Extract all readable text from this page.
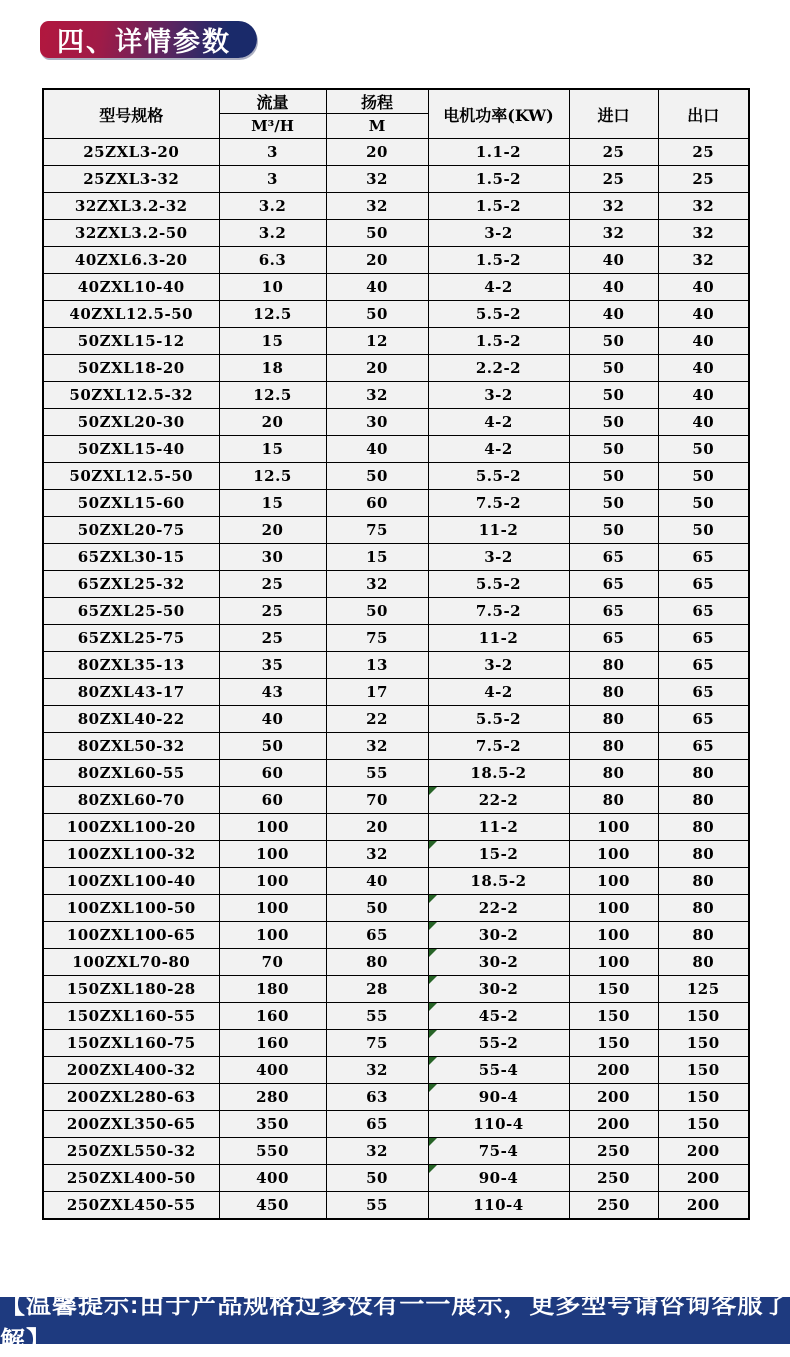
四、详情参数
型号规格	流量	扬程	电机功率(KW)	进口	出口
	M³/H	M			
25ZXL3-20	3	20	1.1-2	25	25
25ZXL3-32	3	32	1.5-2	25	25
32ZXL3.2-32	3.2	32	1.5-2	32	32
32ZXL3.2-50	3.2	50	3-2	32	32
40ZXL6.3-20	6.3	20	1.5-2	40	32
40ZXL10-40	10	40	4-2	40	40
40ZXL12.5-50	12.5	50	5.5-2	40	40
50ZXL15-12	15	12	1.5-2	50	40
50ZXL18-20	18	20	2.2-2	50	40
50ZXL12.5-32	12.5	32	3-2	50	40
50ZXL20-30	20	30	4-2	50	40
50ZXL15-40	15	40	4-2	50	50
50ZXL12.5-50	12.5	50	5.5-2	50	50
50ZXL15-60	15	60	7.5-2	50	50
50ZXL20-75	20	75	11-2	50	50
65ZXL30-15	30	15	3-2	65	65
65ZXL25-32	25	32	5.5-2	65	65
65ZXL25-50	25	50	7.5-2	65	65
65ZXL25-75	25	75	11-2	65	65
80ZXL35-13	35	13	3-2	80	65
80ZXL43-17	43	17	4-2	80	65
80ZXL40-22	40	22	5.5-2	80	65
80ZXL50-32	50	32	7.5-2	80	65
80ZXL60-55	60	55	18.5-2	80	80
80ZXL60-70	60	70	22-2	80	80
100ZXL100-20	100	20	11-2	100	80
100ZXL100-32	100	32	15-2	100	80
100ZXL100-40	100	40	18.5-2	100	80
100ZXL100-50	100	50	22-2	100	80
100ZXL100-65	100	65	30-2	100	80
100ZXL70-80	70	80	30-2	100	80
150ZXL180-28	180	28	30-2	150	125
150ZXL160-55	160	55	45-2	150	150
150ZXL160-75	160	75	55-2	150	150
200ZXL400-32	400	32	55-4	200	150
200ZXL280-63	280	63	90-4	200	150
200ZXL350-65	350	65	110-4	200	150
250ZXL550-32	550	32	75-4	250	200
250ZXL400-50	400	50	90-4	250	200
250ZXL450-55	450	55	110-4	250	200
【温馨提示:由于产品规格过多没有一一展示，更多型号请咨询客服了解】
